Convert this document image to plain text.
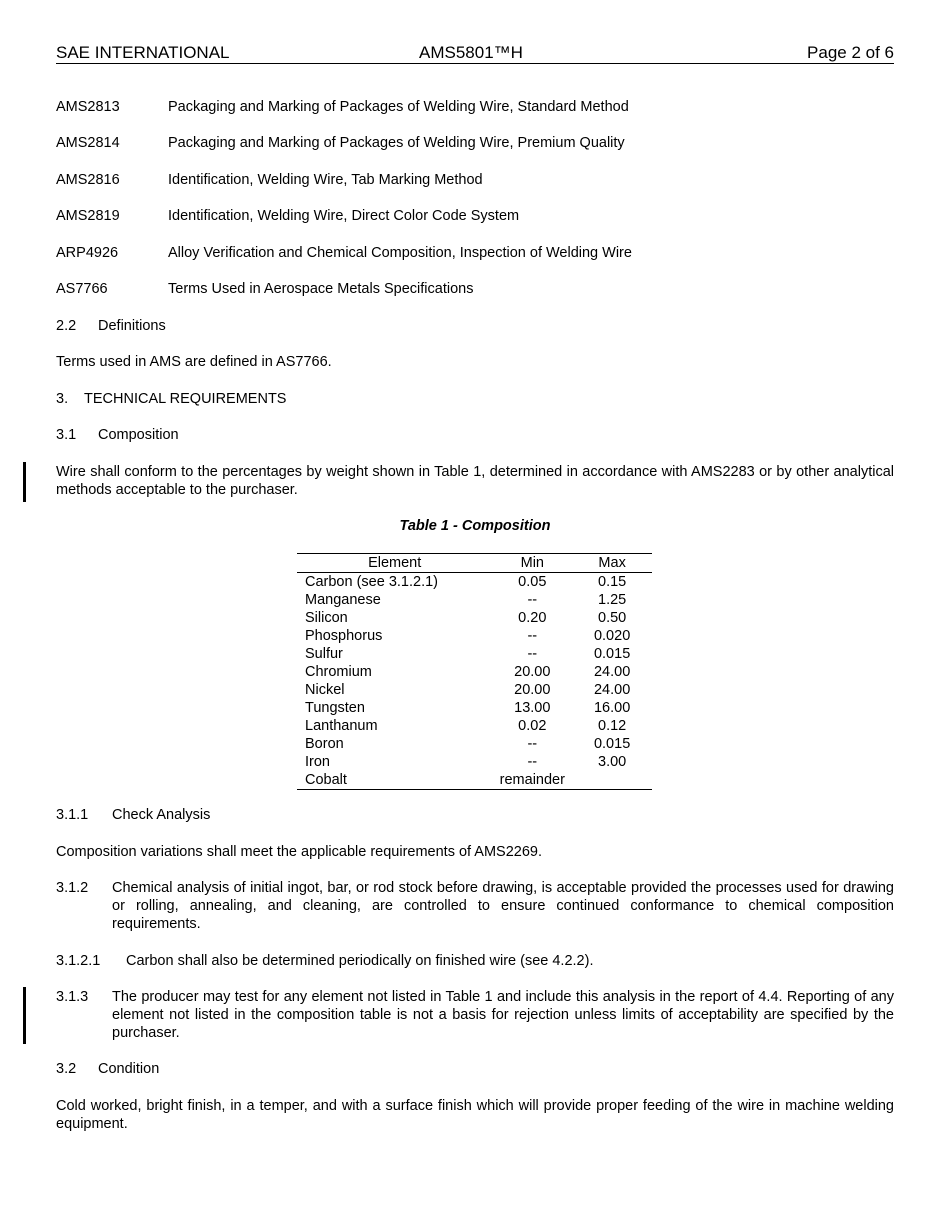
SAE INTERNATIONAL	AMS5801™H	Page 2 of 6
AMS2813	Packaging and Marking of Packages of Welding Wire, Standard Method
AMS2814	Packaging and Marking of Packages of Welding Wire, Premium Quality
AMS2816	Identification, Welding Wire, Tab Marking Method
AMS2819	Identification, Welding Wire, Direct Color Code System
ARP4926	Alloy Verification and Chemical Composition, Inspection of Welding Wire
AS7766	Terms Used in Aerospace Metals Specifications
2.2 Definitions
Terms used in AMS are defined in AS7766.
3. TECHNICAL REQUIREMENTS
3.1 Composition
Wire shall conform to the percentages by weight shown in Table 1, determined in accordance with AMS2283 or by other analytical methods acceptable to the purchaser.
Table 1 - Composition
Element	Min	Max
Carbon (see 3.1.2.1)	0.05	0.15
Manganese	--	1.25
Silicon	0.20	0.50
Phosphorus	--	0.020
Sulfur	--	0.015
Chromium	20.00	24.00
Nickel	20.00	24.00
Tungsten	13.00	16.00
Lanthanum	0.02	0.12
Boron	--	0.015
Iron	--	3.00
Cobalt	remainder	
3.1.1 Check Analysis
Composition variations shall meet the applicable requirements of AMS2269.
3.1.2 Chemical analysis of initial ingot, bar, or rod stock before drawing, is acceptable provided the processes used for drawing or rolling, annealing, and cleaning, are controlled to ensure continued conformance to chemical composition requirements.
3.1.2.1 Carbon shall also be determined periodically on finished wire (see 4.2.2).
3.1.3 The producer may test for any element not listed in Table 1 and include this analysis in the report of 4.4. Reporting of any element not listed in the composition table is not a basis for rejection unless limits of acceptability are specified by the purchaser.
3.2 Condition
Cold worked, bright finish, in a temper, and with a surface finish which will provide proper feeding of the wire in machine welding equipment.
